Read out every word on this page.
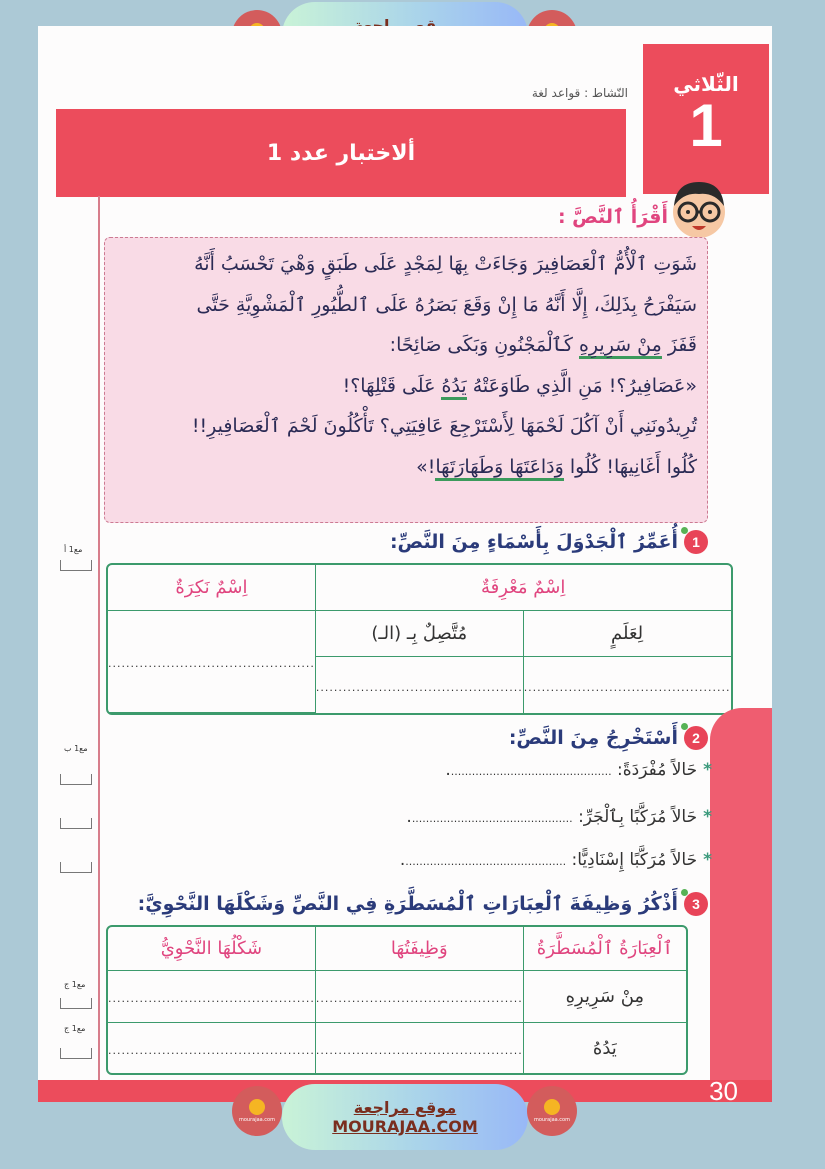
الثّلاثي
1
النّشاط : قواعد لغة
ألاختبار عدد 1
أَقْرَأُ ٱلنَّصَّ :

شَوَتِ ٱلْأُمُّ ٱلْعَصَافِيرَ وَجَاءَتْ بِهَا لِمَجْدٍ عَلَى طَبَقٍ وَهْيَ تَحْسَبُ أَنَّهُ

سَيَفْرَحُ بِذَلِكَ، إِلَّا أَنَّهُ مَا إِنْ وَقَعَ بَصَرُهُ عَلَى ٱلطُّيُورِ ٱلْمَشْوِيَّةِ حَتَّى

قَفَزَ مِنْ سَرِيرِهِ كَٱلْمَجْنُونِ وَبَكَى صَائِحًا:

«عَصَافِيرُ؟! مَنِ الَّذِي طَاوَعَتْهُ يَدُهُ عَلَى قَتْلِهَا؟!

تُرِيدُونَنِي أَنْ آكُلَ لَحْمَهَا لِأَسْتَرْجِعَ عَافِيَتِي؟ تَأْكُلُونَ لَحْمَ ٱلْعَصَافِيرِ!!

كُلُوا أَغَانِيهَا! كُلُوا وَدَاعَتَهَا وَطَهَارَتَهَا!»

1
أُعَمِّرُ ٱلْجَدْوَلَ بِأَسْمَاءٍ مِنَ النَّصِّ:
مع1 أ
اِسْمٌ مَعْرِفَةٌ		اِسْمٌ نَكِرَةٌ
لِعَلَمٍ	مُتَّصِلٌ بِـ (الـ)	..............................................
..............................................	..............................................	
2
أَسْتَخْرِجُ مِنَ النَّصِّ:
مع1 ب
*حَالاً مُفْرَدَةً: ...............................................
*حَالاً مُرَكَّبًا بِٱلْجَرِّ: ...............................................
*حَالاً مُرَكَّبًا إِسْنَادِيًّا: ...............................................
3
أَذْكُرُ وَظِيفَةَ ٱلْعِبَارَاتِ ٱلْمُسَطَّرَةِ فِي النَّصِّ وَشَكْلَهَا النَّحْوِيَّ:
مع1 ج
مع1 ج
ٱلْعِبَارَةُ ٱلْمُسَطَّرَةُ	وَظِيفَتُهَا	شَكْلُهَا النَّحْوِيُّ
مِنْ سَرِيرِهِ	..............................................	..............................................
يَدُهُ	..............................................	..............................................
30
mourajaa.com
موقع مراجعة
MOURAJAA.COM	mourajaa.com
